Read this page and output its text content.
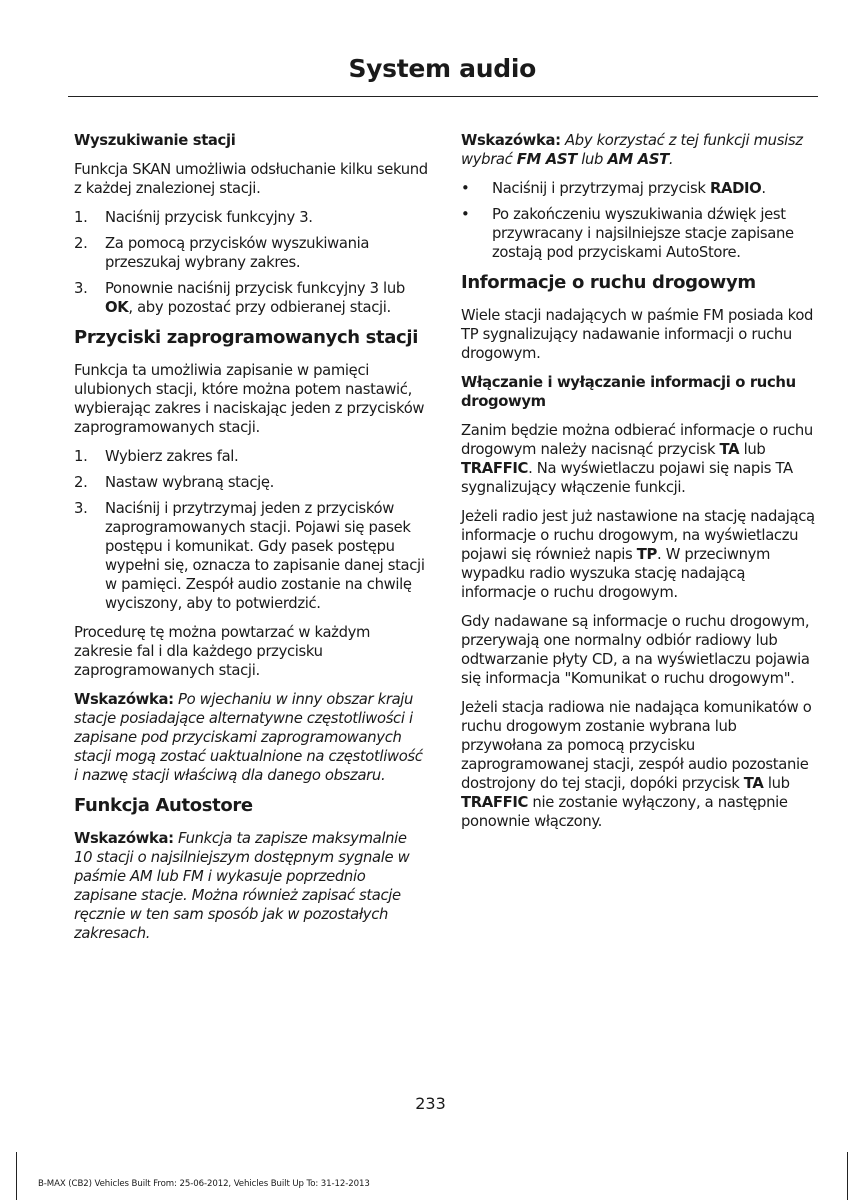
System audio
Wyszukiwanie stacji

Funkcja SKAN umożliwia odsłuchanie kilku sekund z każdej znalezionej stacji.

1. Naciśnij przycisk funkcyjny 3.
2. Za pomocą przycisków wyszukiwania przeszukaj wybrany zakres.
3. Ponownie naciśnij przycisk funkcyjny 3 lub OK, aby pozostać przy odbieranej stacji.
Przyciski zaprogramowanych stacji

Funkcja ta umożliwia zapisanie w pamięci ulubionych stacji, które można potem nastawić, wybierając zakres i naciskając jeden z przycisków zaprogramowanych stacji.

1. Wybierz zakres fal.
2. Nastaw wybraną stację.
3. Naciśnij i przytrzymaj jeden z przycisków zaprogramowanych stacji. Pojawi się pasek postępu i komunikat. Gdy pasek postępu wypełni się, oznacza to zapisanie danej stacji w pamięci. Zespół audio zostanie na chwilę wyciszony, aby to potwierdzić.

Procedurę tę można powtarzać w każdym zakresie fal i dla każdego przycisku zaprogramowanych stacji.

Wskazówka: Po wjechaniu w inny obszar kraju stacje posiadające alternatywne częstotliwości i zapisane pod przyciskami zaprogramowanych stacji mogą zostać uaktualnione na częstotliwość i nazwę stacji właściwą dla danego obszaru.

Funkcja Autostore

Wskazówka: Funkcja ta zapisze maksymalnie 10 stacji o najsilniejszym dostępnym sygnale w paśmie AM lub FM i wykasuje poprzednio zapisane stacje. Można również zapisać stacje ręcznie w ten sam sposób jak w pozostałych zakresach.

Wskazówka: Aby korzystać z tej funkcji musisz wybrać FM AST lub AM AST.

• Naciśnij i przytrzymaj przycisk RADIO.
• Po zakończeniu wyszukiwania dźwięk jest przywracany i najsilniejsze stacje zapisane zostają pod przyciskami AutoStore.
Informacje o ruchu drogowym

Wiele stacji nadających w paśmie FM posiada kod TP sygnalizujący nadawanie informacji o ruchu drogowym.

Włączanie i wyłączanie informacji o ruchu drogowym

Zanim będzie można odbierać informacje o ruchu drogowym należy nacisnąć przycisk TA lub TRAFFIC. Na wyświetlaczu pojawi się napis TA sygnalizujący włączenie funkcji.

Jeżeli radio jest już nastawione na stację nadającą informacje o ruchu drogowym, na wyświetlaczu pojawi się również napis TP. W przeciwnym wypadku radio wyszuka stację nadającą informacje o ruchu drogowym.

Gdy nadawane są informacje o ruchu drogowym, przerywają one normalny odbiór radiowy lub odtwarzanie płyty CD, a na wyświetlaczu pojawia się informacja "Komunikat o ruchu drogowym".

Jeżeli stacja radiowa nie nadająca komunikatów o ruchu drogowym zostanie wybrana lub przywołana za pomocą przycisku zaprogramowanej stacji, zespół audio pozostanie dostrojony do tej stacji, dopóki przycisk TA lub TRAFFIC nie zostanie wyłączony, a następnie ponownie włączony.

233
B-MAX (CB2) Vehicles Built From: 25-06-2012, Vehicles Built Up To: 31-12-2013
